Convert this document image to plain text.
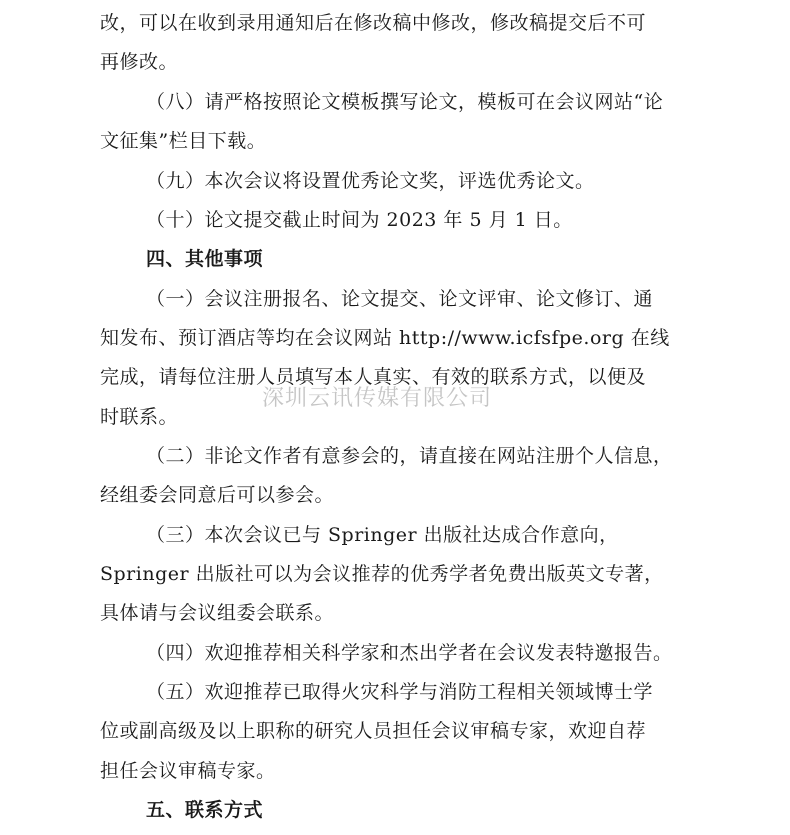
改，可以在收到录用通知后在修改稿中修改，修改稿提交后不可
再修改。
（八）请严格按照论文模板撰写论文，模板可在会议网站“论
文征集”栏目下载。
（九）本次会议将设置优秀论文奖，评选优秀论文。
（十）论文提交截止时间为 2023 年 5 月 1 日。
四、其他事项
（一）会议注册报名、论文提交、论文评审、论文修订、通
知发布、预订酒店等均在会议网站 http://www.icfsfpe.org 在线
完成，请每位注册人员填写本人真实、有效的联系方式，以便及
时联系。
（二）非论文作者有意参会的，请直接在网站注册个人信息，
经组委会同意后可以参会。
（三）本次会议已与 Springer 出版社达成合作意向，
Springer 出版社可以为会议推荐的优秀学者免费出版英文专著，
具体请与会议组委会联系。
（四）欢迎推荐相关科学家和杰出学者在会议发表特邀报告。
（五）欢迎推荐已取得火灾科学与消防工程相关领域博士学
位或副高级及以上职称的研究人员担任会议审稿专家，欢迎自荐
担任会议审稿专家。
五、联系方式
深圳云讯传媒有限公司
